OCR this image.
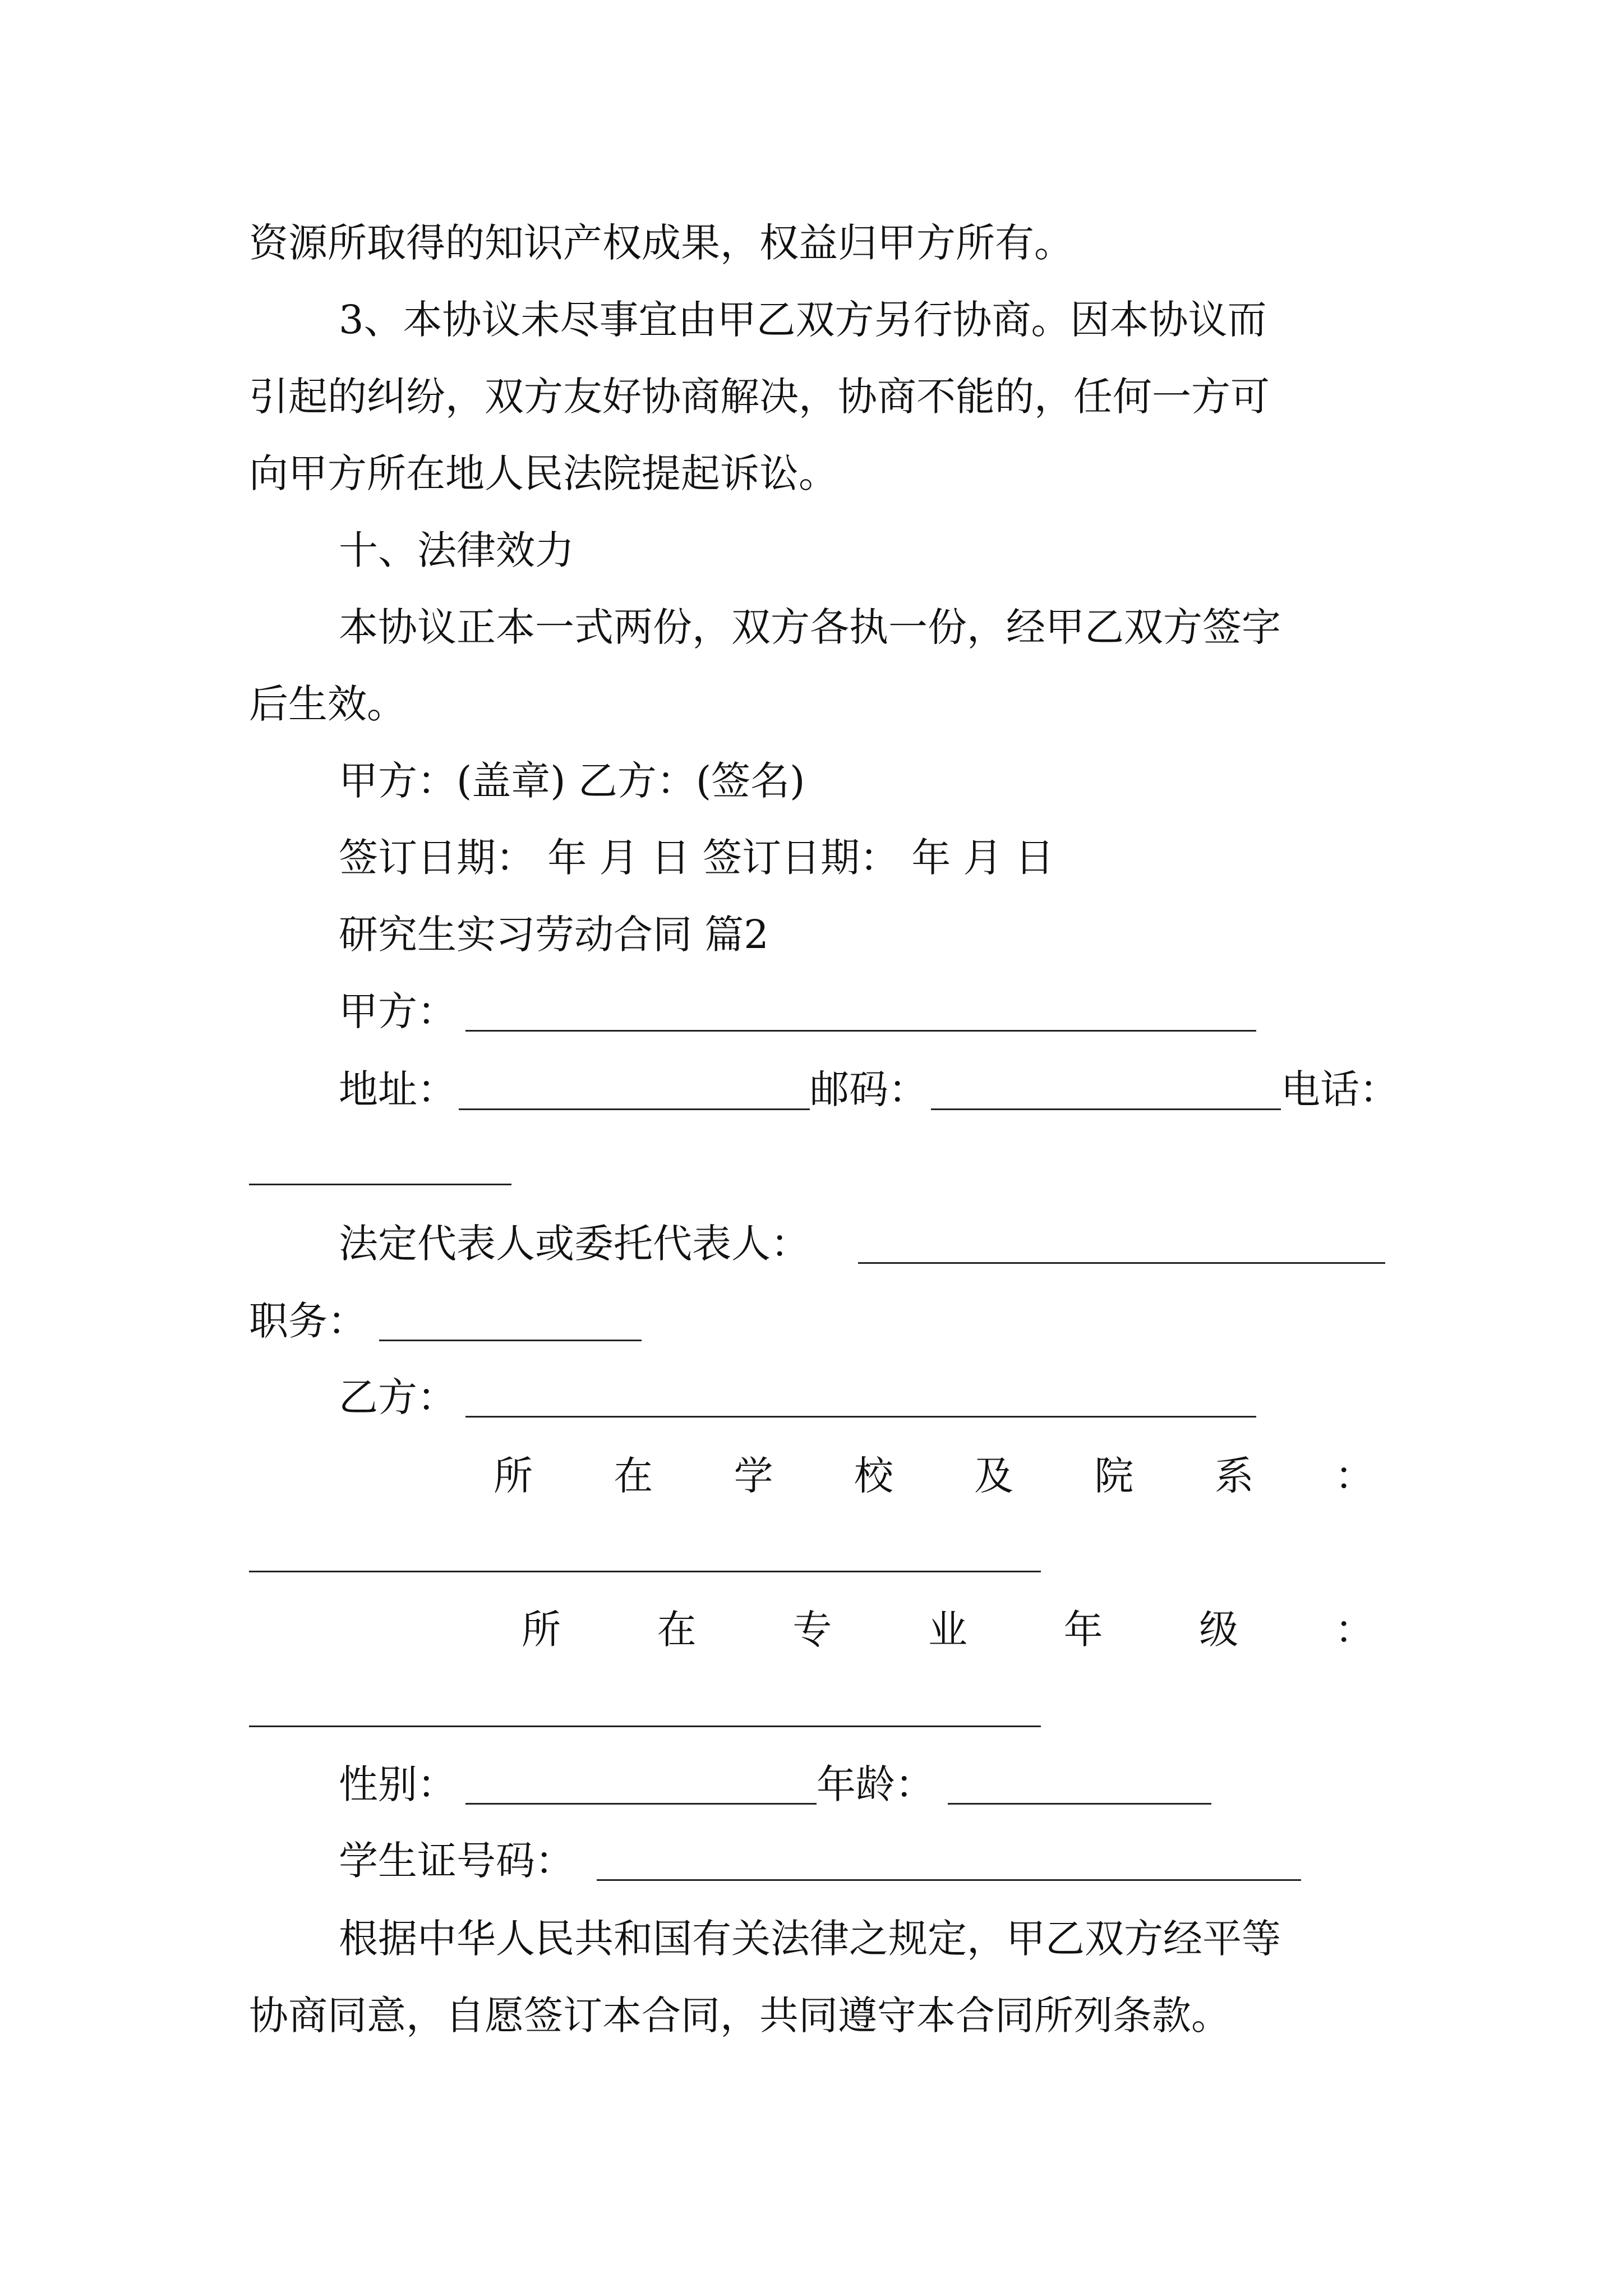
资源所取得的知识产权成果，权益归甲方所有。
3、本协议未尽事宜由甲乙双方另行协商。因本协议而
引起的纠纷，双方友好协商解决，协商不能的，任何一方可
向甲方所在地人民法院提起诉讼。
十、法律效力
本协议正本一式两份，双方各执一份，经甲乙双方签字
后生效。
甲方：(盖章) 乙方：(签名)
签订日期： 年 月 日 签订日期： 年 月 日
研究生实习劳动合同 篇2
甲方：
地址：	邮码：	电话：
法定代表人或委托代表人：
职务：
乙方：
所 在 学 校 及 院 系 ：
所 在 专 业 年 级 ：
性别：	年龄：
学生证号码：
根据中华人民共和国有关法律之规定，甲乙双方经平等
协商同意，自愿签订本合同，共同遵守本合同所列条款。
